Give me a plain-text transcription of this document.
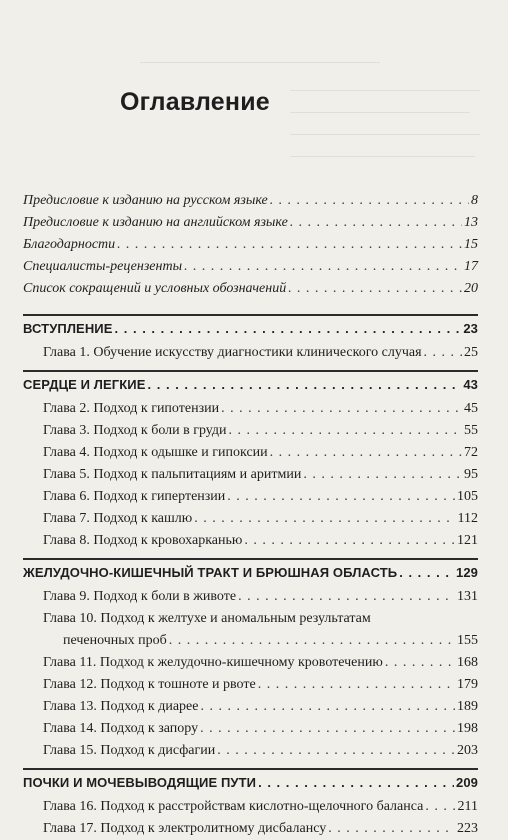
Оглавление
Предисловие к изданию на русском языке . . .	8
Предисловие к изданию на английском языке . . .	13
Благодарности . . .	15
Специалисты-рецензенты . . .	17
Список сокращений и условных обозначений . . .	20
ВСТУПЛЕНИЕ . . .	23
Глава 1. Обучение искусству диагностики клинического случая . . .	25
СЕРДЦЕ И ЛЕГКИЕ . . .	43
Глава 2. Подход к гипотензии . . .	45
Глава 3. Подход к боли в груди . . .	55
Глава 4. Подход к одышке и гипоксии . . .	72
Глава 5. Подход к пальпитациям и аритмии . . .	95
Глава 6. Подход к гипертензии . . .	105
Глава 7. Подход к кашлю . . .	112
Глава 8. Подход к кровохарканью . . .	121
ЖЕЛУДОЧНО-КИШЕЧНЫЙ ТРАКТ И БРЮШНАЯ ОБЛАСТЬ . . .	129
Глава 9. Подход к боли в животе . . .	131
Глава 10. Подход к желтухе и аномальным результатам
печеночных проб . . .	155
Глава 11. Подход к желудочно-кишечному кровотечению . . .	168
Глава 12. Подход к тошноте и рвоте . . .	179
Глава 13. Подход к диарее . . .	189
Глава 14. Подход к запору . . .	198
Глава 15. Подход к дисфагии . . .	203
ПОЧКИ И МОЧЕВЫВОДЯЩИЕ ПУТИ . . .	209
Глава 16. Подход к расстройствам кислотно-щелочного баланса . . . 211
Глава 17. Подход к электролитному дисбалансу . . .	223
